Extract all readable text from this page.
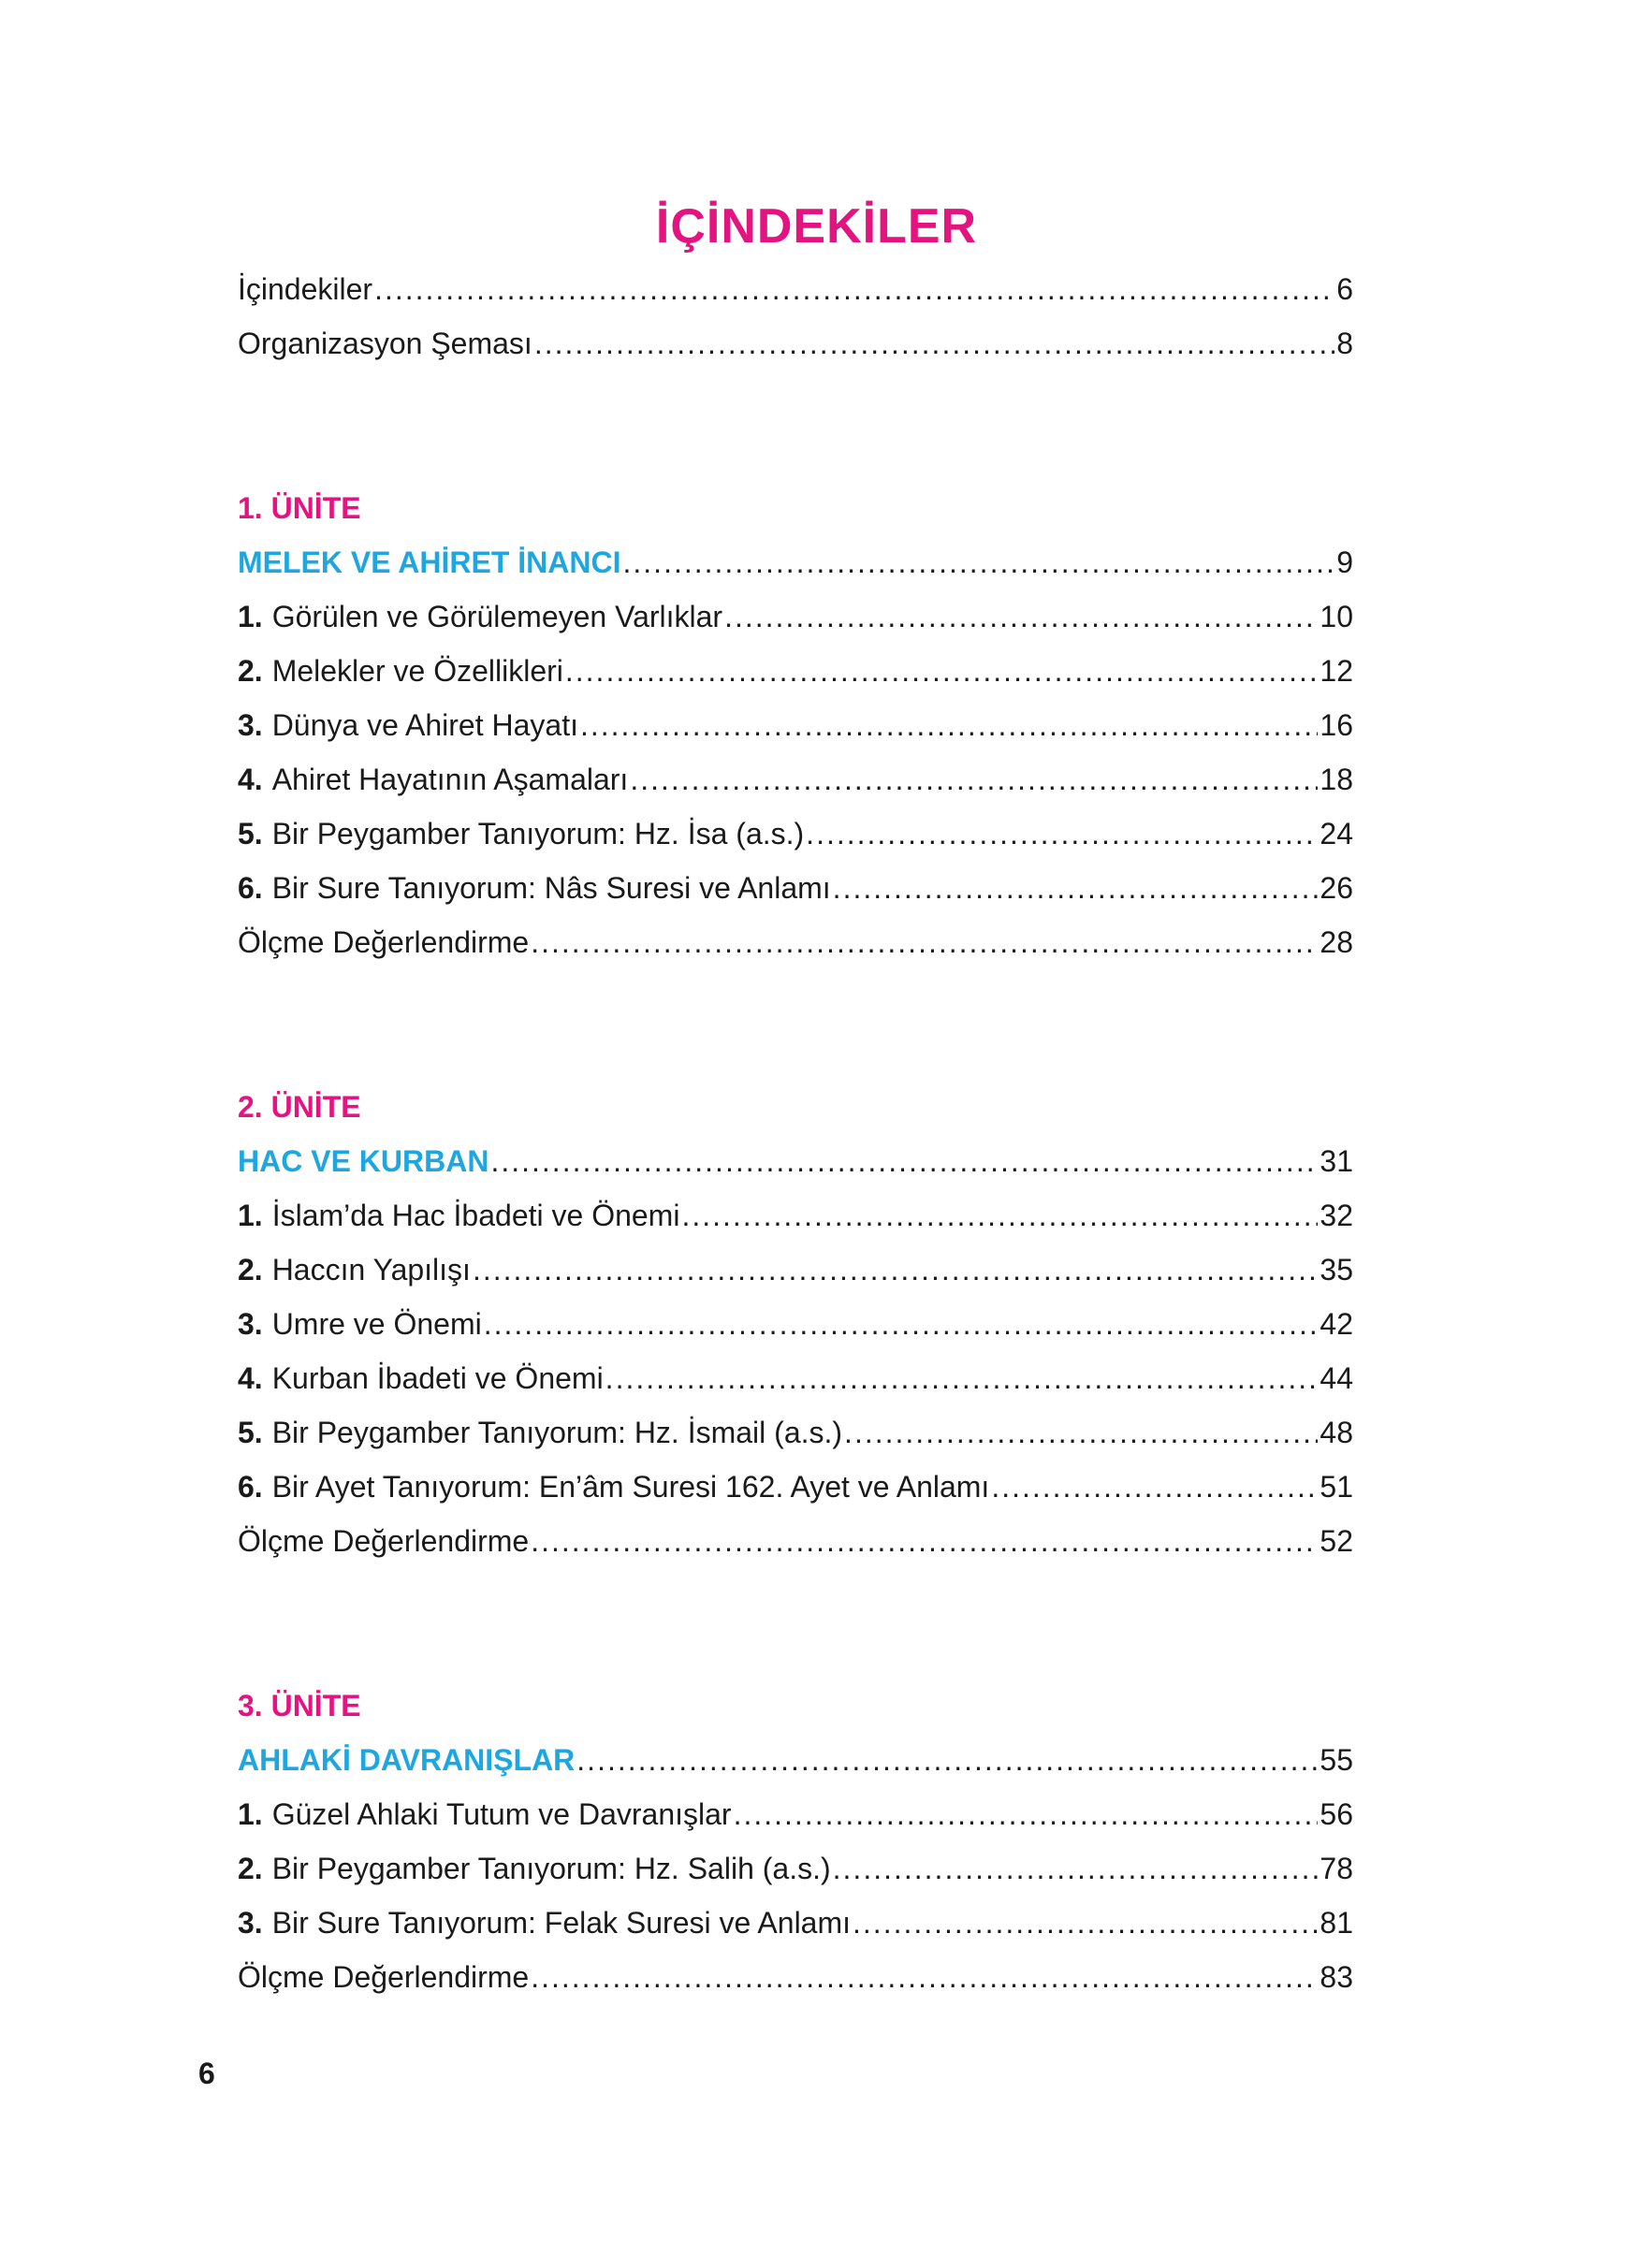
İÇİNDEKİLER
İçindekiler .....	6
Organizasyon Şeması .....	8
1. ÜNİTE
MELEK VE AHİRET İNANCI .....	9
1. Görülen ve Görülemeyen Varlıklar .....	10
2. Melekler ve Özellikleri .....	12
3. Dünya ve Ahiret Hayatı .....	16
4. Ahiret Hayatının Aşamaları .....	18
5. Bir Peygamber Tanıyorum: Hz. İsa (a.s.) .....	24
6. Bir Sure Tanıyorum: Nâs Suresi ve Anlamı .....	26
Ölçme Değerlendirme .....	28
2. ÜNİTE
HAC VE KURBAN .....	31
1. İslam’da Hac İbadeti ve Önemi .....	32
2. Haccın Yapılışı .....	35
3. Umre ve Önemi .....	42
4. Kurban İbadeti ve Önemi .....	44
5. Bir Peygamber Tanıyorum: Hz. İsmail (a.s.) .....	48
6. Bir Ayet Tanıyorum: En’âm Suresi 162. Ayet ve Anlamı .....	51
Ölçme Değerlendirme .....	52
3. ÜNİTE
AHLAKİ DAVRANIŞLAR .....	55
1. Güzel Ahlaki Tutum ve Davranışlar .....	56
2. Bir Peygamber Tanıyorum: Hz. Salih (a.s.) .....	78
3. Bir Sure Tanıyorum: Felak Suresi ve Anlamı .....	81
Ölçme Değerlendirme .....	83
6
